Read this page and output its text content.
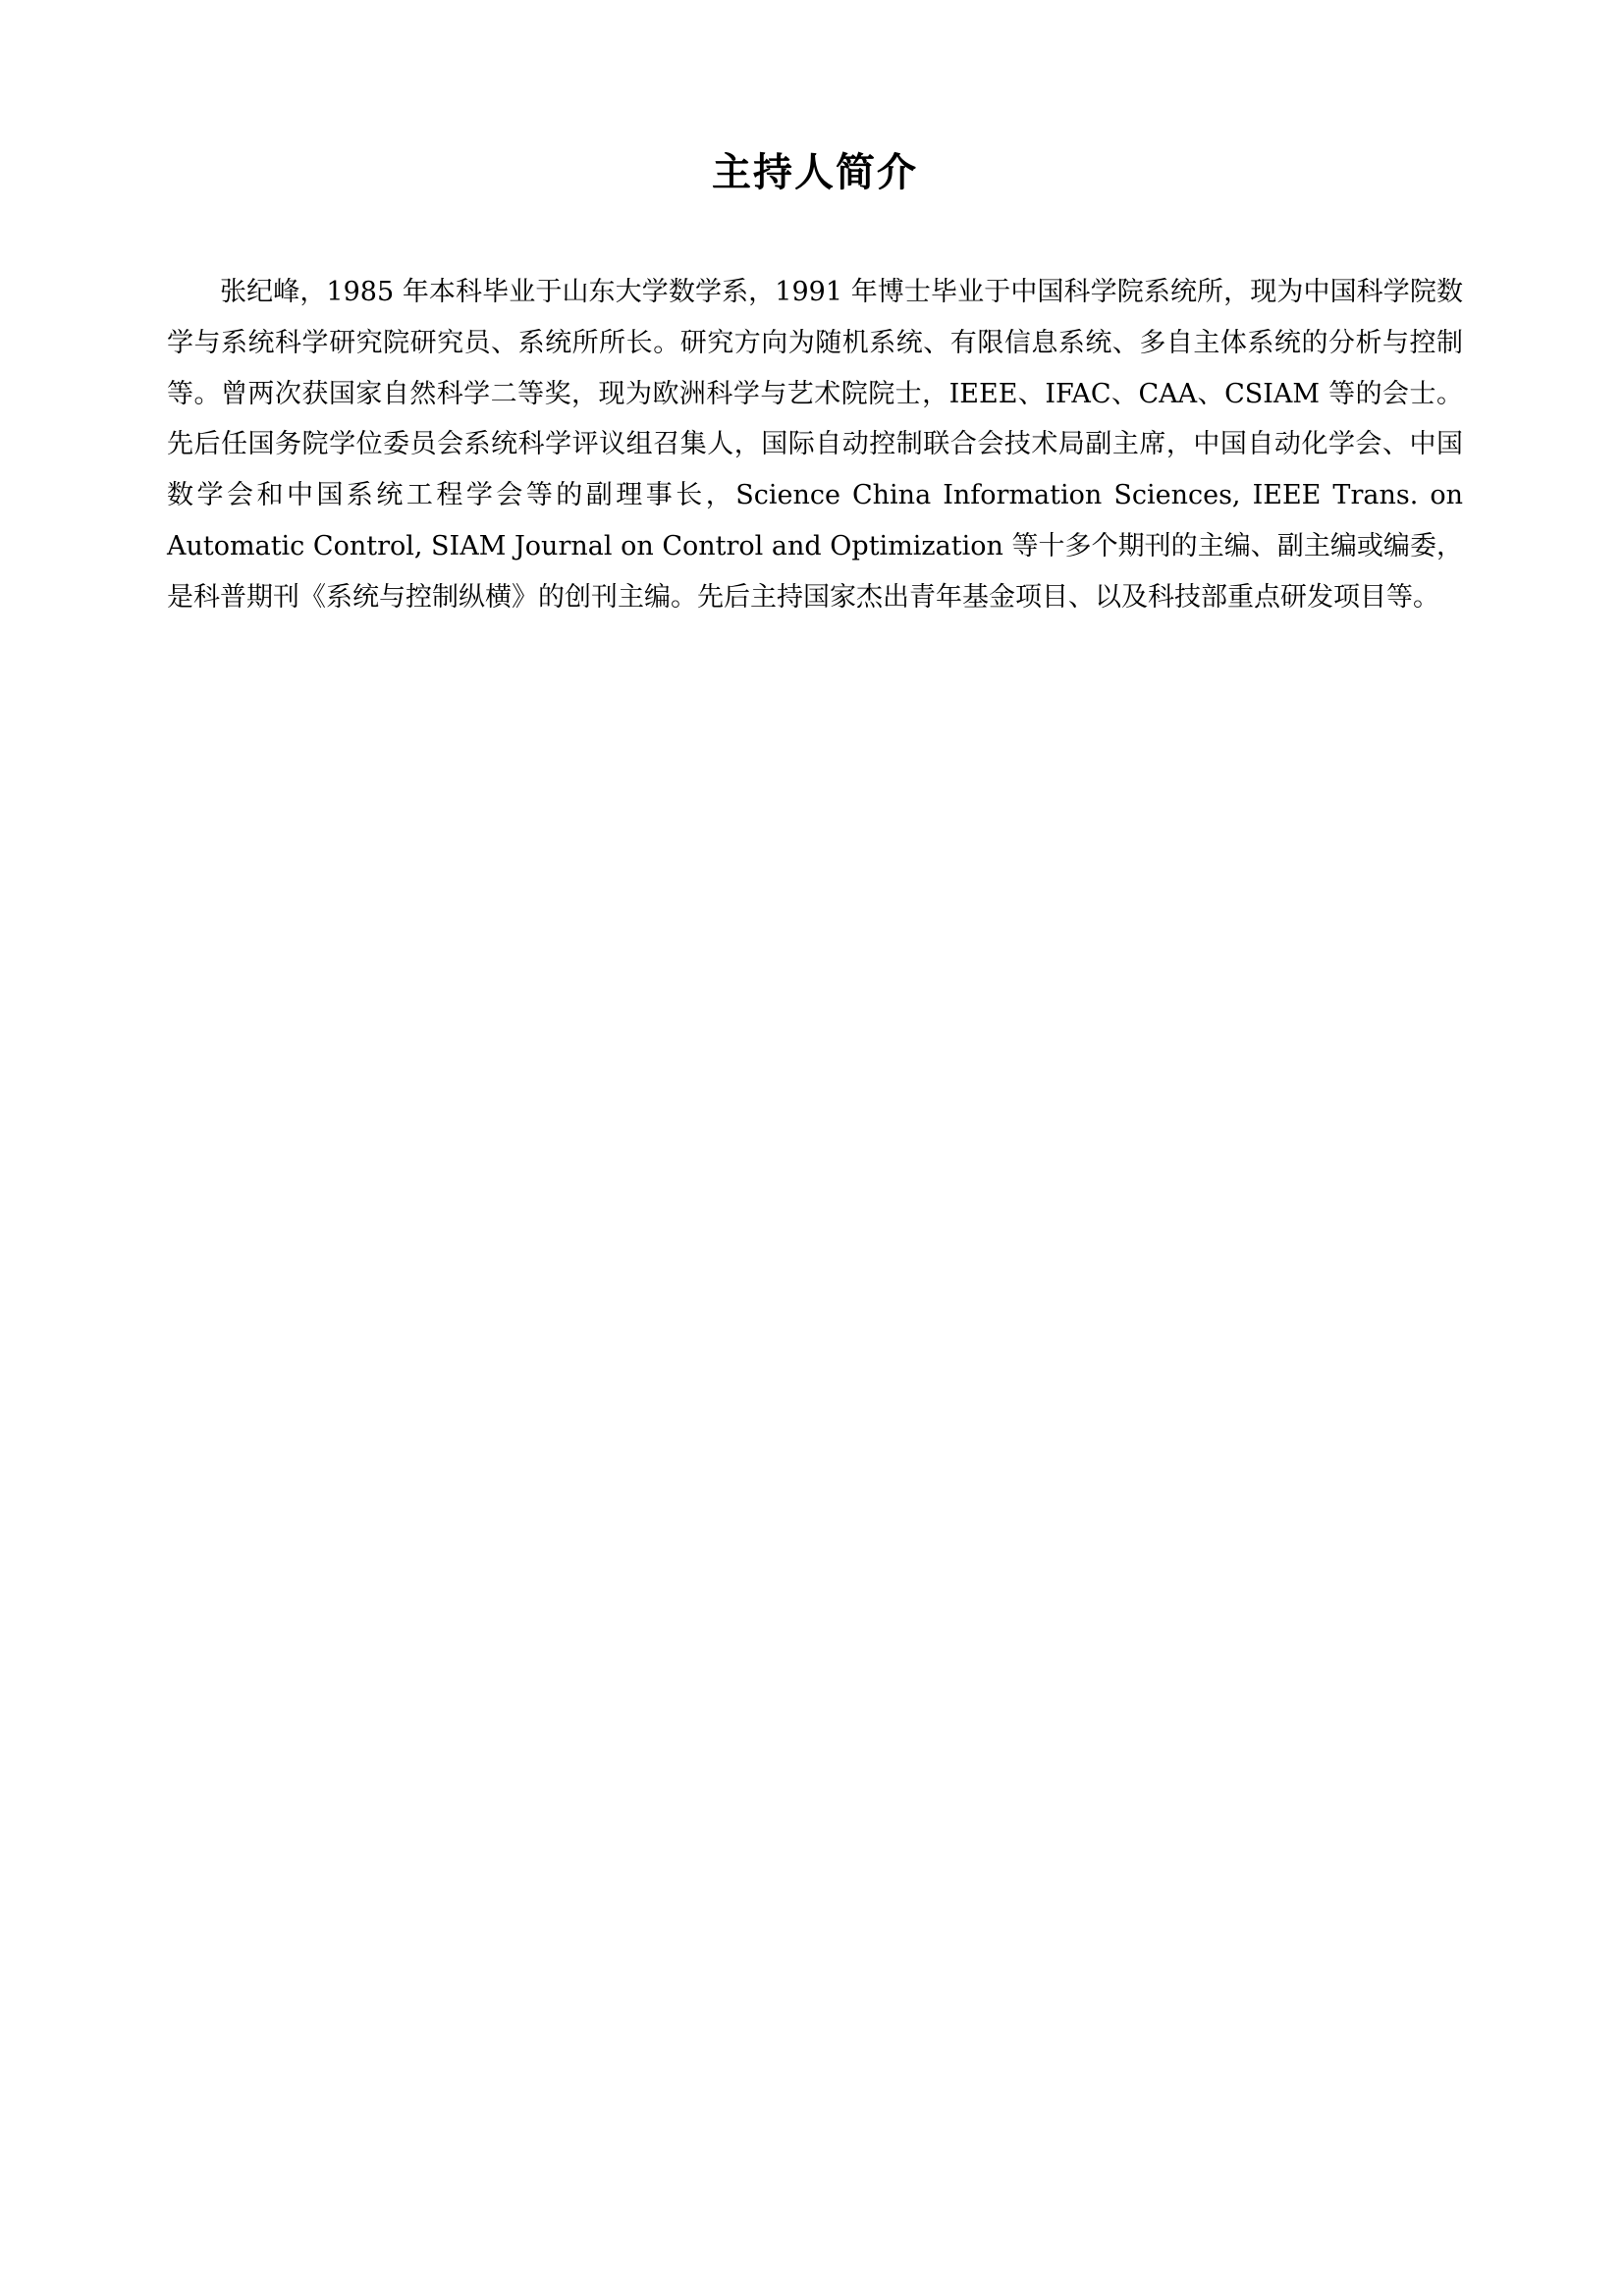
主持人简介

张纪峰，1985 年本科毕业于山东大学数学系，1991 年博士毕业于中国科学院系统所，现为中国科学院数学与系统科学研究院研究员、系统所所长。研究方向为随机系统、有限信息系统、多自主体系统的分析与控制等。曾两次获国家自然科学二等奖，现为欧洲科学与艺术院院士，IEEE、IFAC、CAA、CSIAM 等的会士。先后任国务院学位委员会系统科学评议组召集人，国际自动控制联合会技术局副主席，中国自动化学会、中国数学会和中国系统工程学会等的副理事长，Science China Information Sciences, IEEE Trans. on Automatic Control, SIAM Journal on Control and Optimization 等十多个期刊的主编、副主编或编委，是科普期刊《系统与控制纵横》的创刊主编。先后主持国家杰出青年基金项目、以及科技部重点研发项目等。
